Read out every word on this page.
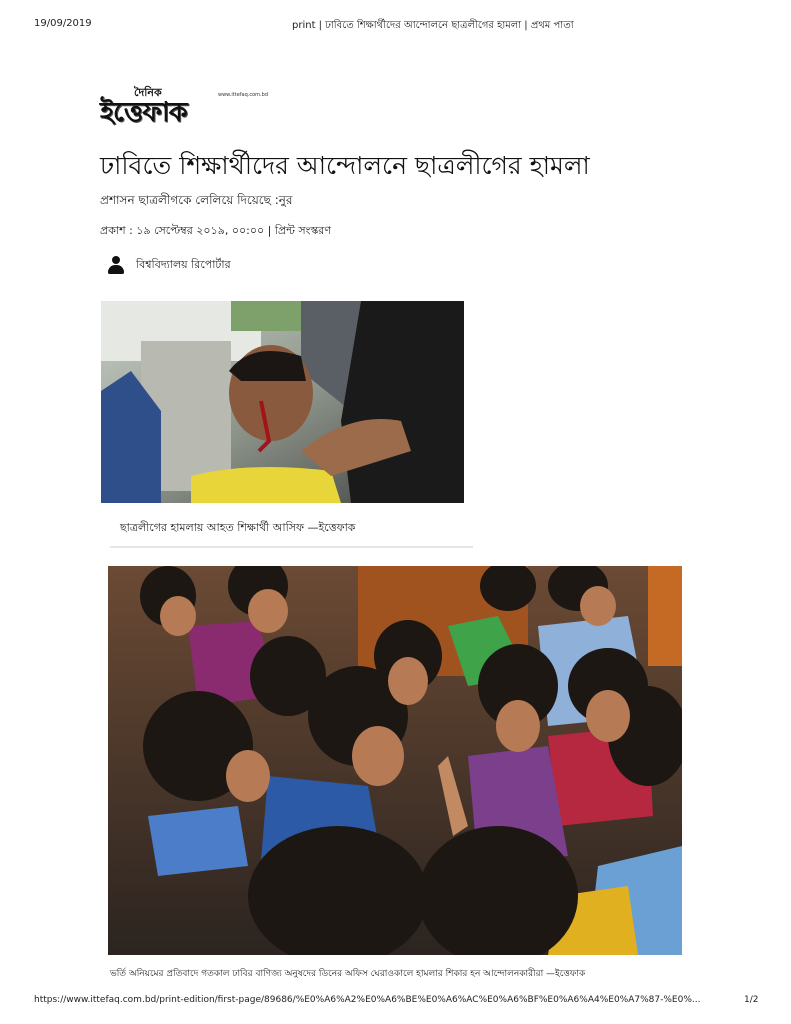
19/09/2019	print | ঢাবিতে শিক্ষার্থীদের আন্দোলনে ছাত্রলীগের হামলা | প্রথম পাতা
দৈনিক
ইত্তেফাক
www.ittefaq.com.bd
ঢাবিতে শিক্ষার্থীদের আন্দোলনে ছাত্রলীগের হামলা
প্রশাসন ছাত্রলীগকে লেলিয়ে দিয়েছে :নুর
প্রকাশ : ১৯ সেপ্টেম্বর ২০১৯, ০০:০০ | প্রিন্ট সংস্করণ
বিশ্ববিদ্যালয় রিপোর্টার
ছাত্রলীগের হামলায় আহত শিক্ষার্থী আসিফ —ইত্তেফাক
ভর্তি অনিয়মের প্রতিবাদে গতকাল ঢাবির বাণিজ্য অনুষদের ডিনের অফিস ঘেরাওকালে হামলার শিকার হন আন্দোলনকারীরা —ইত্তেফাক
https://www.ittefaq.com.bd/print-edition/first-page/89686/%E0%A6%A2%E0%A6%BE%E0%A6%AC%E0%A6%BF%E0%A6%A4%E0%A7%87-%E0%...	1/2
